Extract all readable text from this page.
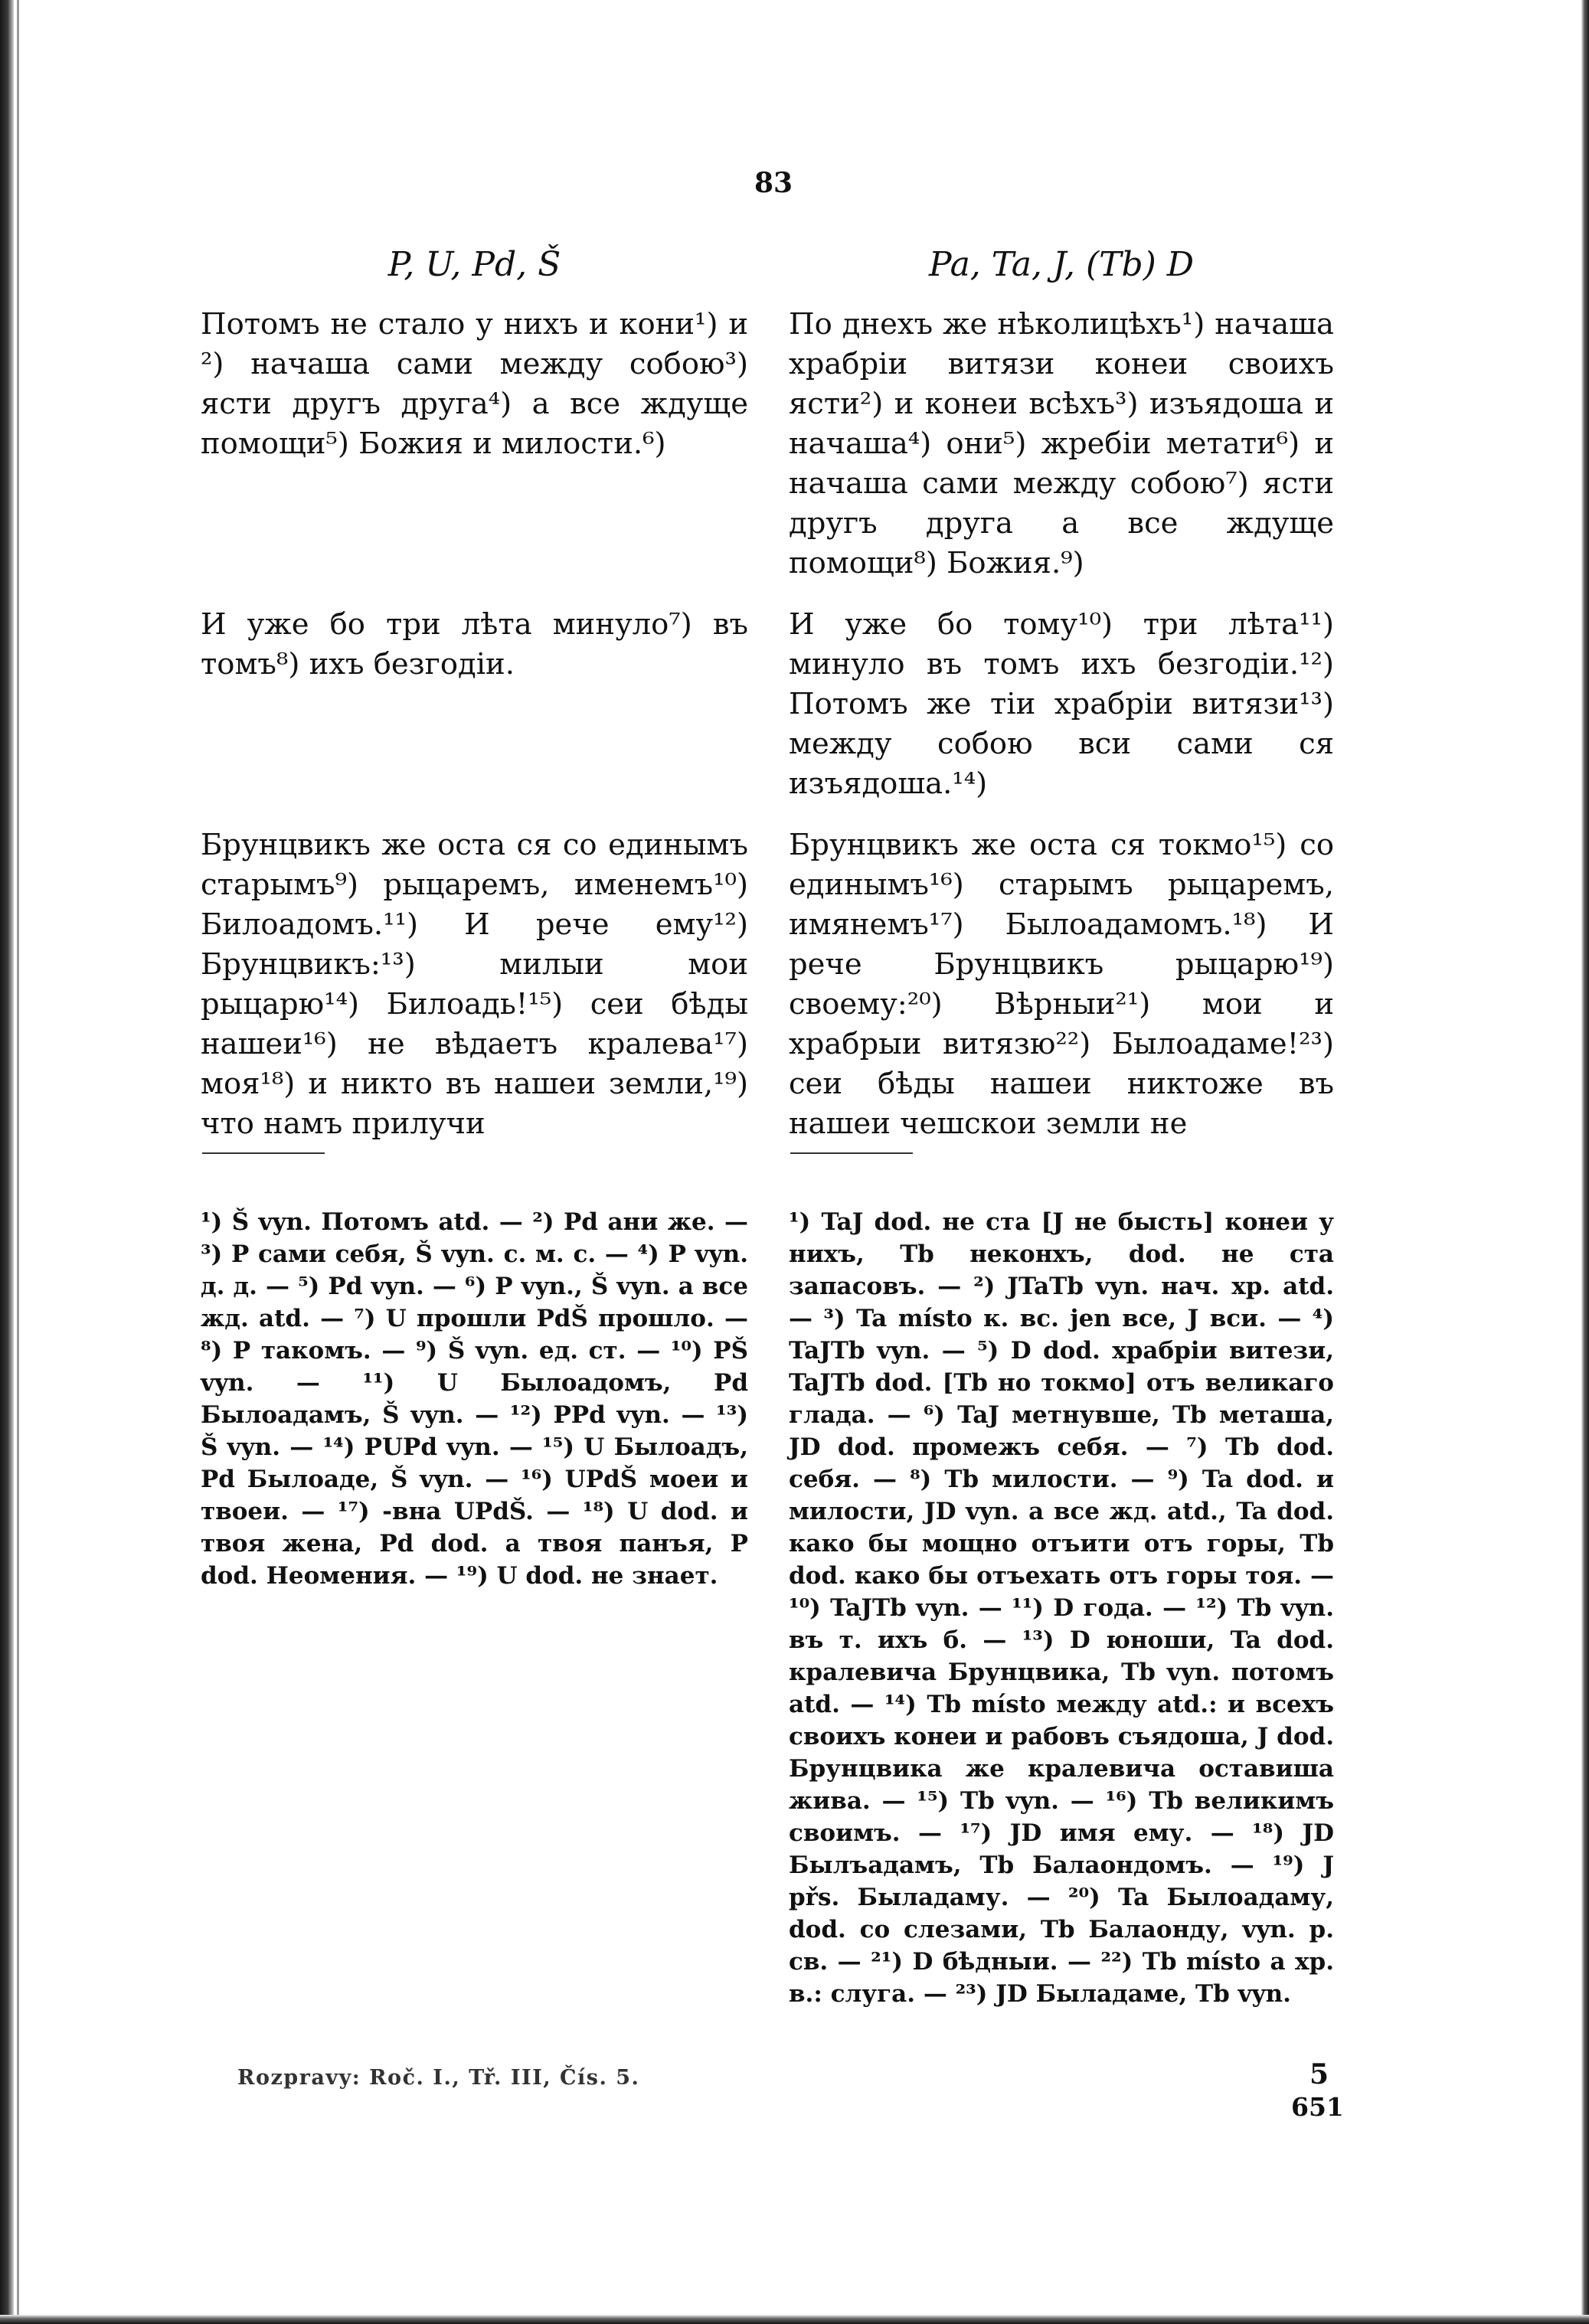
83
P, U, Pd, Š
Потомъ не стало у нихъ и кони¹) и ²) начаша сами между собою³) ясти другъ друга⁴) а все ждуще помощи⁵) Божия и милости.⁶)
И уже бо три лѣта минуло⁷) въ томъ⁸) ихъ безгодiи.
Брунцвикъ же оста ся со единымъ старымъ⁹) рыцаремъ, именемъ¹⁰) Билоадомъ.¹¹) И рече ему¹²) Брунцвикъ:¹³) милыи мои рыцарю¹⁴) Билоадь!¹⁵) сеи бѣды нашеи¹⁶) не вѣдаетъ кралева¹⁷) моя¹⁸) и никто въ нашеи земли,¹⁹) что намъ прилучи
¹) Š vyn. Потомъ atd. — ²) Pd ани же. — ³) P сами себя, Š vyn. с. м. с. — ⁴) P vyn. д. д. — ⁵) Pd vyn. — ⁶) P vyn., Š vyn. а все жд. atd. — ⁷) U прошли PdŠ прошло. — ⁸) P такомъ. — ⁹) Š vyn. ед. ст. — ¹⁰) PŠ vyn. — ¹¹) U Былоадомъ, Pd Былоадамъ, Š vyn. — ¹²) PPd vyn. — ¹³) Š vyn. — ¹⁴) PUPd vyn. — ¹⁵) U Былоадъ, Pd Былоаде, Š vyn. — ¹⁶) UPdŠ моеи и твоеи. — ¹⁷) -вна UPdŠ. — ¹⁸) U dod. и твоя жена, Pd dod. а твоя панъя, P dod. Неомения. — ¹⁹) U dod. не знает.
Pa, Ta, J, (Tb) D
По днехъ же нѣколицѣхъ¹) начаша храбрiи витязи конеи своихъ ясти²) и конеи всѣхъ³) изъядоша и начаша⁴) они⁵) жребiи метати⁶) и начаша сами между собою⁷) ясти другъ друга а все ждуще помощи⁸) Божия.⁹)
И уже бо тому¹⁰) три лѣта¹¹) минуло въ томъ ихъ безгодiи.¹²) Потомъ же тiи храбрiи витязи¹³) между собою вси сами ся изъядоша.¹⁴)
Брунцвикъ же оста ся токмо¹⁵) со единымъ¹⁶) старымъ рыцаремъ, имянемъ¹⁷) Былоадамомъ.¹⁸) И рече Брунцвикъ рыцарю¹⁹) своему:²⁰) Вѣрныи²¹) мои и храбрыи витязю²²) Былоадаме!²³) сеи бѣды нашеи никтоже въ нашеи чешскои земли не
¹) TaJ dod. не ста [J не бысть] конеи у нихъ, Tb неконхъ, dod. не ста запасовъ. — ²) JTaTb vyn. нач. хр. atd. — ³) Ta místo к. вс. jen все, J вси. — ⁴) TaJTb vyn. — ⁵) D dod. храбрiи витези, TaJTb dod. [Tb но токмо] отъ великаго глада. — ⁶) TaJ метнувше, Tb меташа, JD dod. промежъ себя. — ⁷) Tb dod. себя. — ⁸) Tb милости. — ⁹) Ta dod. и милости, JD vyn. а все жд. atd., Ta dod. како бы мощно отъити отъ горы, Tb dod. како бы отъехать отъ горы тоя. — ¹⁰) TaJTb vyn. — ¹¹) D года. — ¹²) Tb vyn. въ т. ихъ б. — ¹³) D юноши, Ta dod. кралевича Брунцвика, Tb vyn. потомъ atd. — ¹⁴) Tb místo между atd.: и всехъ своихъ конеи и рабовъ съядоша, J dod. Брунцвика же кралевича оставиша жива. — ¹⁵) Tb vyn. — ¹⁶) Tb великимъ своимъ. — ¹⁷) JD имя ему. — ¹⁸) JD Былъадамъ, Tb Балаондомъ. — ¹⁹) J přs. Быладаму. — ²⁰) Ta Былоадаму, dod. со слезами, Tb Балаонду, vyn. р. св. — ²¹) D бѣдныи. — ²²) Tb místo а хр. в.: слуга. — ²³) JD Быладаме, Tb vyn.
Rozpravy: Roč. I., Tř. III, Čís. 5.	5
651
